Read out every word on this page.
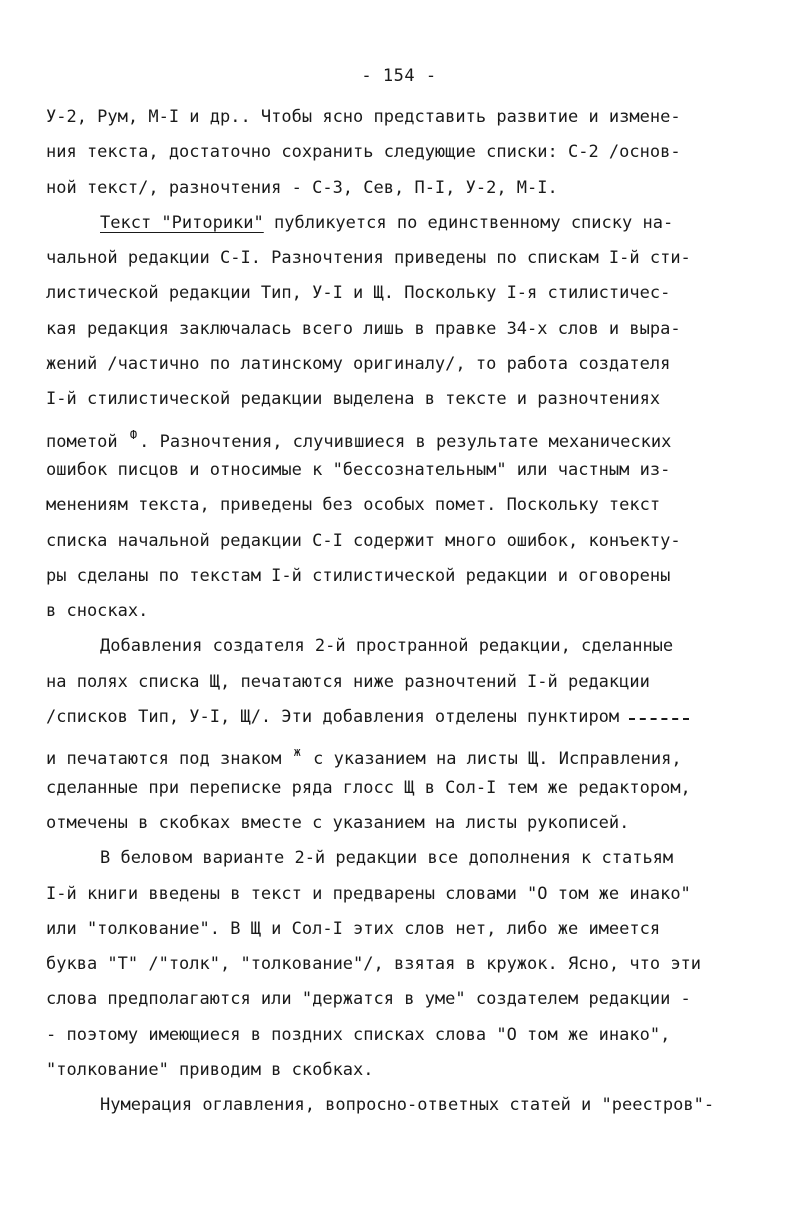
- 154 -
У-2, Рум, М-I и др.. Чтобы ясно представить развитие и измене-
ния текста, достаточно сохранить следующие списки: С-2 /основ-
ной текст/, разночтения - С-3, Сев, П-I, У-2, М-I.
Текст "Риторики" публикуется по единственному списку на-
чальной редакции С-I. Разночтения приведены по спискам I-й сти-
листической редакции Тип, У-I и Щ. Поскольку I-я стилистичес-
кая редакция заключалась всего лишь в правке 34-х слов и выра-
жений /частично по латинскому оригиналу/, то работа создателя
I-й стилистической редакции выделена в тексте и разночтениях
пометой $^Ф$ . Разночтения, случившиеся в результате механических
ошибок писцов и относимые к "бессознательным" или частным из-
менениям текста, приведены без особых помет. Поскольку текст
списка начальной редакции С-I содержит много ошибок, конъекту-
ры сделаны по текстам I-й стилистической редакции и оговорены
в сносках.
Добавления создателя 2-й пространной редакции, сделанные
на полях списка Щ, печатаются ниже разночтений I-й редакции
/списков Тип, У-I, Щ/. Эти добавления отделены пунктиром
и печатаются под знаком $^ж$ с указанием на листы Щ. Исправления,
сделанные при переписке ряда глосс Щ в Сол-I тем же редактором,
отмечены в скобках вместе с указанием на листы рукописей.
В беловом варианте 2-й редакции все дополнения к статьям
I-й книги введены в текст и предварены словами "О том же инако"
или "толкование". В Щ и Сол-I этих слов нет, либо же имеется
буква "Т" /"толк", "толкование"/, взятая в кружок. Ясно, что эти
слова предполагаются или "держатся в уме" создателем редакции -
- поэтому имеющиеся в поздних списках слова "О том же инако",
"толкование" приводим в скобках.
Нумерация оглавления, вопросно-ответных статей и "реестров"-
